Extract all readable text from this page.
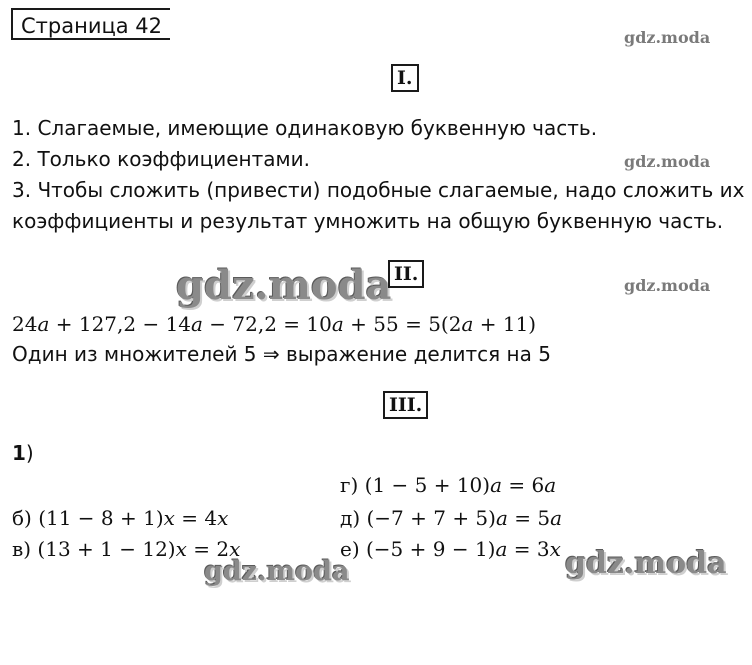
Страница 42	gdz.moda
gdz.moda
gdz.moda
I.
1. Слагаемые, имеющие одинаковую буквенную часть.
2. Только коэффициентами.
3. Чтобы сложить (привести) подобные слагаемые, надо сложить их
коэффициенты и результат умножить на общую буквенную часть.
gdz.moda II.
24𝑎 + 127,2 − 14𝑎 − 72,2 = 10𝑎 + 55 = 5(2𝑎 + 11)
Один из множителей 5 ⇒ выражение делится на 5
III.
1)
г) (1 − 5 + 10)𝑎 = 6𝑎
б) (11 − 8 + 1)𝑥 = 4𝑥	д) (−7 + 7 + 5)𝑎 = 5𝑎
в) (13 + 1 − 12)𝑥 = 2𝑥	е) (−5 + 9 − 1)𝑎 = 3𝑥
gdz.moda	gdz.moda
